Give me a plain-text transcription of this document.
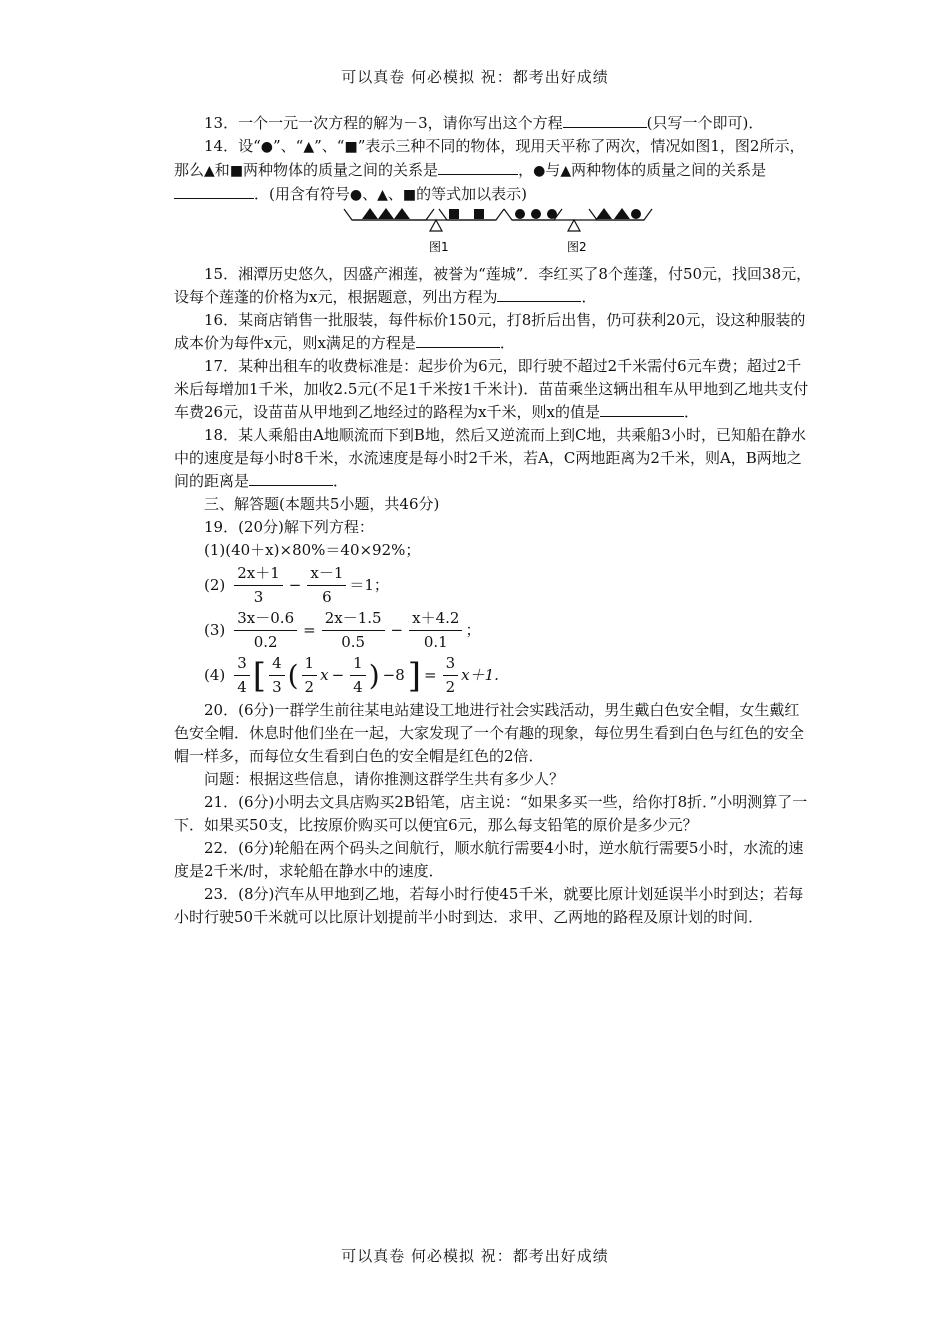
可以真卷 何必模拟 祝：都考出好成绩

13．一个一元一次方程的解为－3，请你写出这个方程	(只写一个即可)．

14．设“●”、“▲”、“■”表示三种不同的物体，现用天平称了两次，情况如图1，图2所示，那么▲和■两种物体的质量之间的关系是	，●与▲两种物体的质量之间的关系是．(用含有符号●、▲、■的等式加以表示)

图1	图2

15．湘潭历史悠久，因盛产湘莲，被誉为“莲城”．李红买了8个莲蓬，付50元，找回38元，设每个莲蓬的价格为x元，根据题意，列出方程为	．

16．某商店销售一批服装，每件标价150元，打8折后出售，仍可获利20元，设这种服装的成本价为每件x元，则x满足的方程是	．

17．某种出租车的收费标准是：起步价为6元，即行驶不超过2千米需付6元车费；超过2千米后每增加1千米，加收2.5元(不足1千米按1千米计)．苗苗乘坐这辆出租车从甲地到乙地共支付车费26元，设苗苗从甲地到乙地经过的路程为x千米，则x的值是	．

18．某人乘船由A地顺流而下到B地，然后又逆流而上到C地，共乘船3小时，已知船在静水中的速度是每小时8千米，水流速度是每小时2千米，若A，C两地距离为2千米，则A，B两地之间的距离是	．

三、解答题(本题共5小题，共46分)

19．(20分)解下列方程：

(1)(40＋x)×80%＝40×92%；

$(2) \frac{2x+1}{3} - \frac{x-1}{6} =1$；
$(3) \frac{3x-0.6}{0.2} = \frac{2x-1.5}{0.5} - \frac{x+4.2}{0.1}$ ；
$(4) \frac{3}{4}$ [ $\frac{4}{3}$ ( $\frac{1}{2}$ $x - \frac{1}{4}$ ) −8 ] = $\frac{3}{2} x+1$.

20．(6分)一群学生前往某电站建设工地进行社会实践活动，男生戴白色安全帽，女生戴红色安全帽．休息时他们坐在一起，大家发现了一个有趣的现象，每位男生看到白色与红色的安全帽一样多，而每位女生看到白色的安全帽是红色的2倍．

问题：根据这些信息，请你推测这群学生共有多少人？

21．(6分)小明去文具店购买2B铅笔，店主说：“如果多买一些，给你打8折．”小明测算了一下．如果买50支，比按原价购买可以便宜6元，那么每支铅笔的原价是多少元？

22．(6分)轮船在两个码头之间航行，顺水航行需要4小时，逆水航行需要5小时，水流的速度是2千米/时，求轮船在静水中的速度．

23．(8分)汽车从甲地到乙地，若每小时行使45千米，就要比原计划延误半小时到达；若每小时行驶50千米就可以比原计划提前半小时到达．求甲、乙两地的路程及原计划的时间．

可以真卷 何必模拟 祝：都考出好成绩
